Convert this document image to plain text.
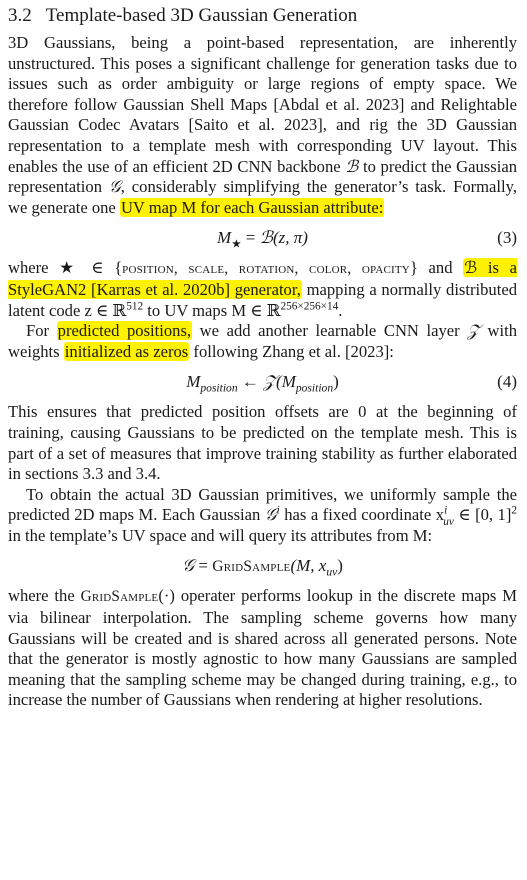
3.2 Template-based 3D Gaussian Generation

3D Gaussians, being a point-based representation, are inherently unstructured. This poses a significant challenge for generation tasks due to issues such as order ambiguity or large regions of empty space. We therefore follow Gaussian Shell Maps [Abdal et al. 2023] and Relightable Gaussian Codec Avatars [Saito et al. 2023], and rig the 3D Gaussian representation to a template mesh with corresponding UV layout. This enables the use of an efficient 2D CNN backbone ℬ to predict the Gaussian representation 𝒢, considerably simplifying the generator’s task. Formally, we generate one UV map M for each Gaussian attribute:

$M_★$ = ℬ(z, π)	(3)

where ★ ∈ {position, scale, rotation, color, opacity} and ℬ is a StyleGAN2 [Karras et al. 2020b] generator, mapping a normally distributed latent code z ∈ ℝ$^{512}$ to UV maps M ∈ ℝ$^{256\times 256\times 14}$.

For predicted positions, we add another learnable CNN layer 𝒵 with weights initialized as zeros following Zhang et al. [2023]:

$M_{position}$ ← $𝒵(M_{position})$	(4)

This ensures that predicted position offsets are 0 at the beginning of training, causing Gaussians to be predicted on the template mesh. This is part of a set of measures that improve training stability as further elaborated in sections 3.3 and 3.4.

To obtain the actual 3D Gaussian primitives, we uniformly sample the predicted 2D maps M. Each Gaussian 𝒢$^i$ has a fixed coordinate $x^i_{uv}$ ∈ [0, 1]$^2$ in the template’s UV space and will query its attributes from M:

𝒢 = GridSample(M, $x_{uv}$)

where the GridSample(·) operater performs lookup in the discrete maps M via bilinear interpolation. The sampling scheme governs how many Gaussians will be created and is shared across all generated persons. Note that the generator is mostly agnostic to how many Gaussians are sampled meaning that the sampling scheme may be changed during training, e.g., to increase the number of Gaussians when rendering at higher resolutions.
